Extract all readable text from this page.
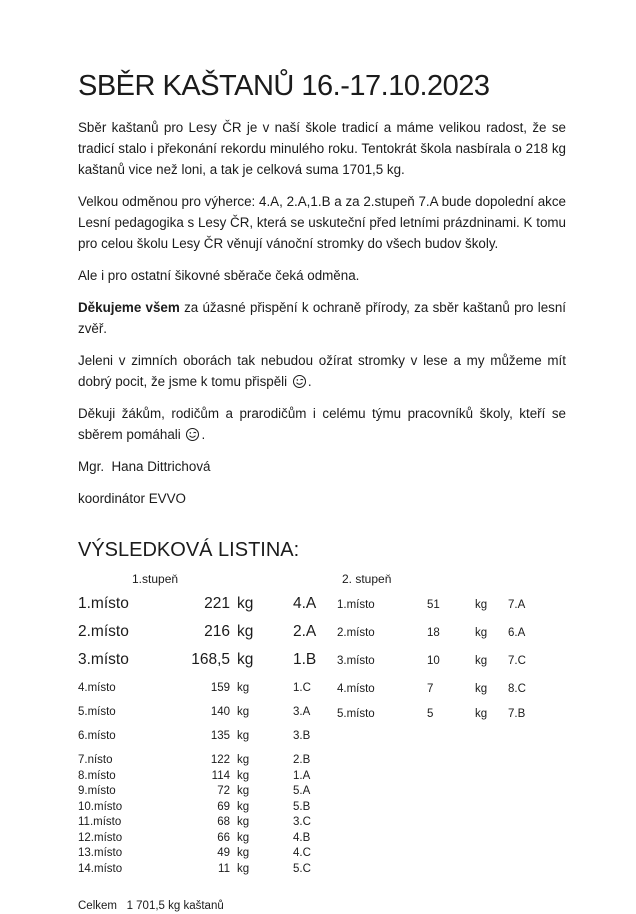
SBĚR KAŠTANŮ 16.-17.10.2023

Sběr kaštanů pro Lesy ČR je v naší škole tradicí a máme velikou radost, že se tradicí stalo i překonání rekordu minulého roku. Tentokrát škola nasbírala o 218 kg kaštanů vice než loni, a tak je celková suma 1701,5 kg.

Velkou odměnou pro výherce: 4.A, 2.A,1.B a za 2.stupeň 7.A bude dopolední akce Lesní pedagogika s Lesy ČR, která se uskuteční před letními prázdninami. K tomu pro celou školu Lesy ČR věnují vánoční stromky do všech budov školy.

Ale i pro ostatní šikovné sběrače čeká odměna.

Děkujeme všem za úžasné přispění k ochraně přírody, za sběr kaštanů pro lesní zvěř.

Jeleni v zimních oborách tak nebudou ožírat stromky v lese a my můžeme mít dobrý pocit, že jsme k tomu přispěli .

Děkuji žákům, rodičům a prarodičům i celému týmu pracovníků školy, kteří se sběrem pomáhali .

Mgr.  Hana Dittrichová

koordinátor EVVO

VÝSLEDKOVÁ LISTINA:
1.stupeň
1.místo	221 kg	4.A
2.místo	216 kg	2.A
3.místo	168,5 kg	1.B
4.místo	159 kg	1.C
5.místo	140 kg	3.A
6.místo	135 kg	3.B
7.nísto	122 kg	2.B
8.místo	114 kg	1.A
9.místo	72 kg	5.A
10.místo	69 kg	5.B
11.místo	68 kg	3.C
12.místo	66 kg	4.B
13.místo	49 kg	4.C
14.místo	11 kg	5.C
2. stupeň
1.místo	51	kg	7.A
2.místo	18	kg	6.A
3.místo	10	kg	7.C
4.místo	7	kg	8.C
5.místo	5	kg	7.B
Celkem   1 701,5 kg kaštanů
